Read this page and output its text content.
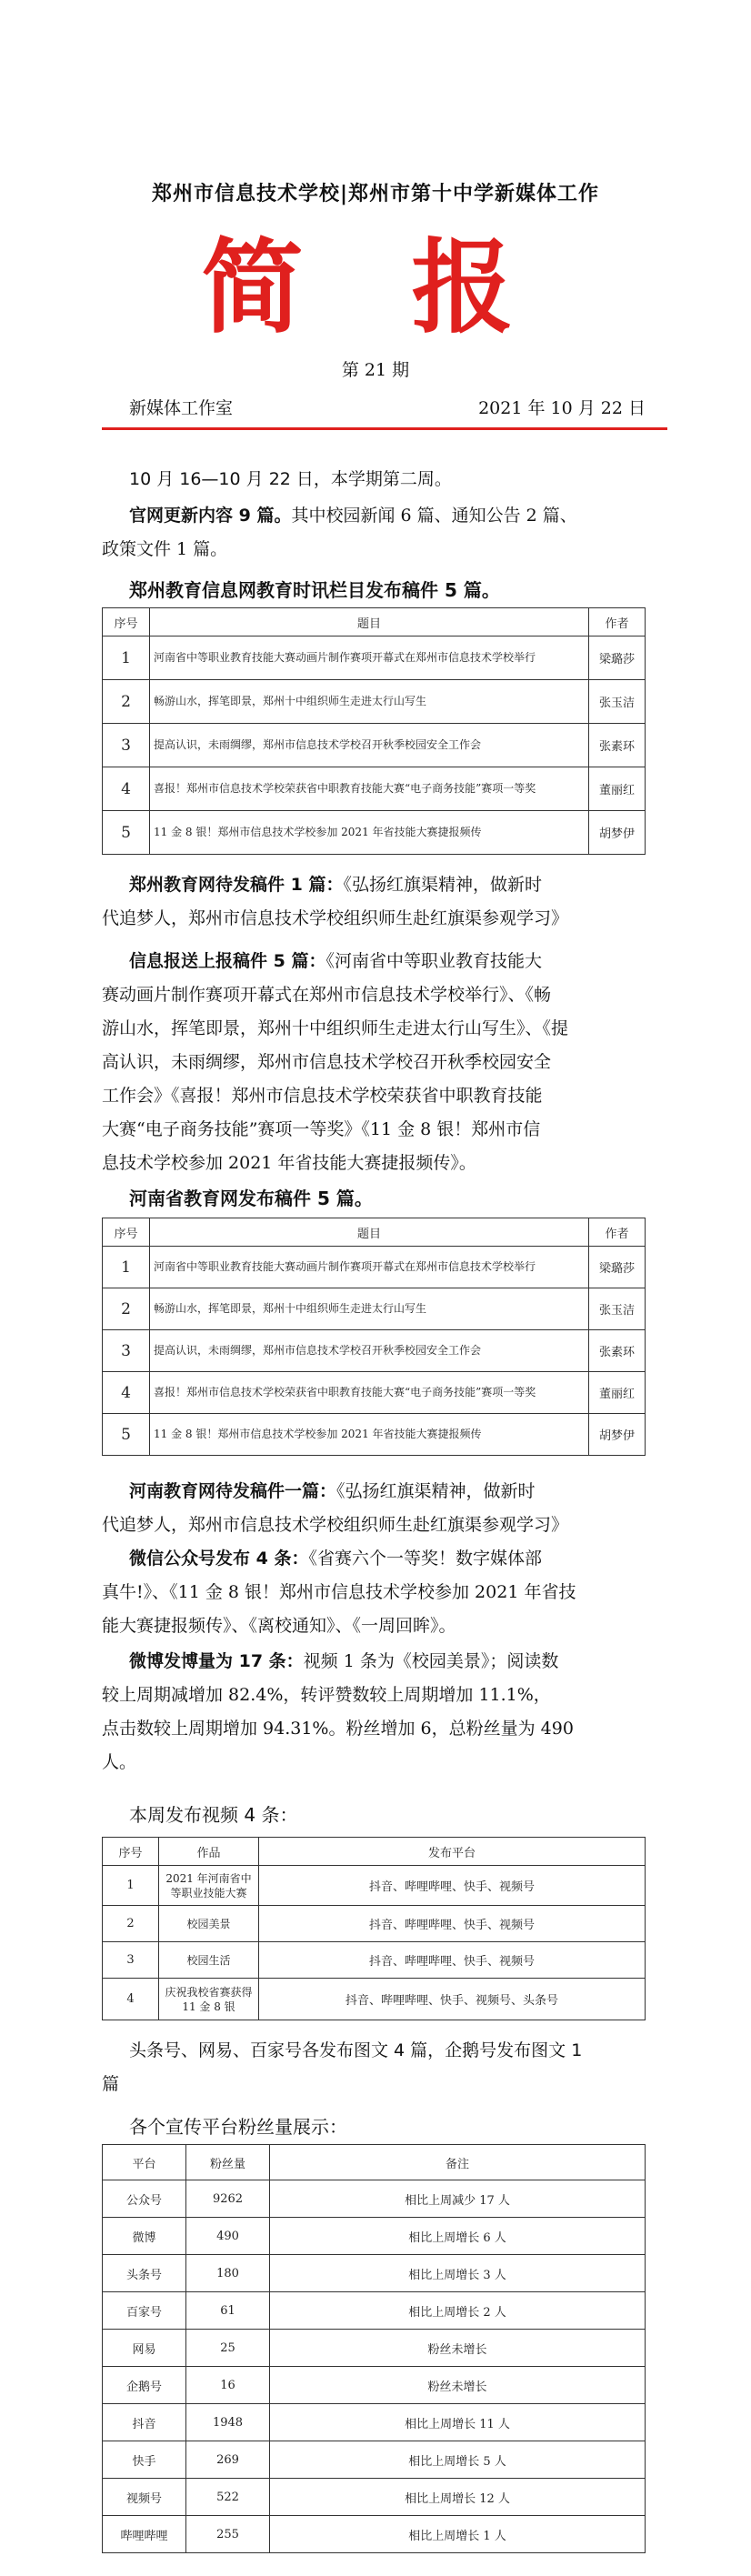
郑州市信息技术学校|郑州市第十中学新媒体工作
简 报
第 21 期
新媒体工作室	2021 年 10 月 22 日
10 月 16—10 月 22 日，本学期第二周。
官网更新内容 9 篇。其中校园新闻 6 篇、通知公告 2 篇、
政策文件 1 篇。
郑州教育信息网教育时讯栏目发布稿件 5 篇。
序号	题目	作者
1	河南省中等职业教育技能大赛动画片制作赛项开幕式在郑州市信息技术学校举行	梁璐莎
2	畅游山水，挥笔即景，郑州十中组织师生走进太行山写生	张玉洁
3	提高认识，未雨绸缪，郑州市信息技术学校召开秋季校园安全工作会	张素环
4	喜报！郑州市信息技术学校荣获省中职教育技能大赛“电子商务技能”赛项一等奖	董丽红
5	11 金 8 银！郑州市信息技术学校参加 2021 年省技能大赛捷报频传	胡梦伊
郑州教育网待发稿件 1 篇：《弘扬红旗渠精神，做新时
代追梦人，郑州市信息技术学校组织师生赴红旗渠参观学习》
信息报送上报稿件 5 篇：《河南省中等职业教育技能大
赛动画片制作赛项开幕式在郑州市信息技术学校举行》、《畅
游山水，挥笔即景，郑州十中组织师生走进太行山写生》、《提
高认识，未雨绸缪，郑州市信息技术学校召开秋季校园安全
工作会》《喜报！郑州市信息技术学校荣获省中职教育技能
大赛“电子商务技能”赛项一等奖》《11 金 8 银！郑州市信
息技术学校参加 2021 年省技能大赛捷报频传》。
河南省教育网发布稿件 5 篇。
序号	题目	作者
1	河南省中等职业教育技能大赛动画片制作赛项开幕式在郑州市信息技术学校举行	梁璐莎
2	畅游山水，挥笔即景，郑州十中组织师生走进太行山写生	张玉洁
3	提高认识，未雨绸缪，郑州市信息技术学校召开秋季校园安全工作会	张素环
4	喜报！郑州市信息技术学校荣获省中职教育技能大赛“电子商务技能”赛项一等奖	董丽红
5	11 金 8 银！郑州市信息技术学校参加 2021 年省技能大赛捷报频传	胡梦伊
河南教育网待发稿件一篇：《弘扬红旗渠精神，做新时
代追梦人，郑州市信息技术学校组织师生赴红旗渠参观学习》
微信公众号发布 4 条：《省赛六个一等奖！数字媒体部
真牛!》、《11 金 8 银！郑州市信息技术学校参加 2021 年省技
能大赛捷报频传》、《离校通知》、《一周回眸》。
微博发博量为 17 条：视频 1 条为《校园美景》；阅读数
较上周期减增加 82.4%，转评赞数较上周期增加 11.1%，
点击数较上周期增加 94.31%。粉丝增加 6，总粉丝量为 490
人。
本周发布视频 4 条：
序号	作品	发布平台
1	2021 年河南省中等职业技能大赛	抖音、哔哩哔哩、快手、视频号
2	校园美景	抖音、哔哩哔哩、快手、视频号
3	校园生活	抖音、哔哩哔哩、快手、视频号
4	庆祝我校省赛获得 11 金 8 银	抖音、哔哩哔哩、快手、视频号、头条号
头条号、网易、百家号各发布图文 4 篇，企鹅号发布图文 1
篇
各个宣传平台粉丝量展示：
平台	粉丝量	备注
公众号	9262	相比上周减少 17 人
微博	490	相比上周增长 6 人
头条号	180	相比上周增长 3 人
百家号	61	相比上周增长 2 人
网易	25	粉丝未增长
企鹅号	16	粉丝未增长
抖音	1948	相比上周增长 11 人
快手	269	相比上周增长 5 人
视频号	522	相比上周增长 12 人
哔哩哔哩	255	相比上周增长 1 人
